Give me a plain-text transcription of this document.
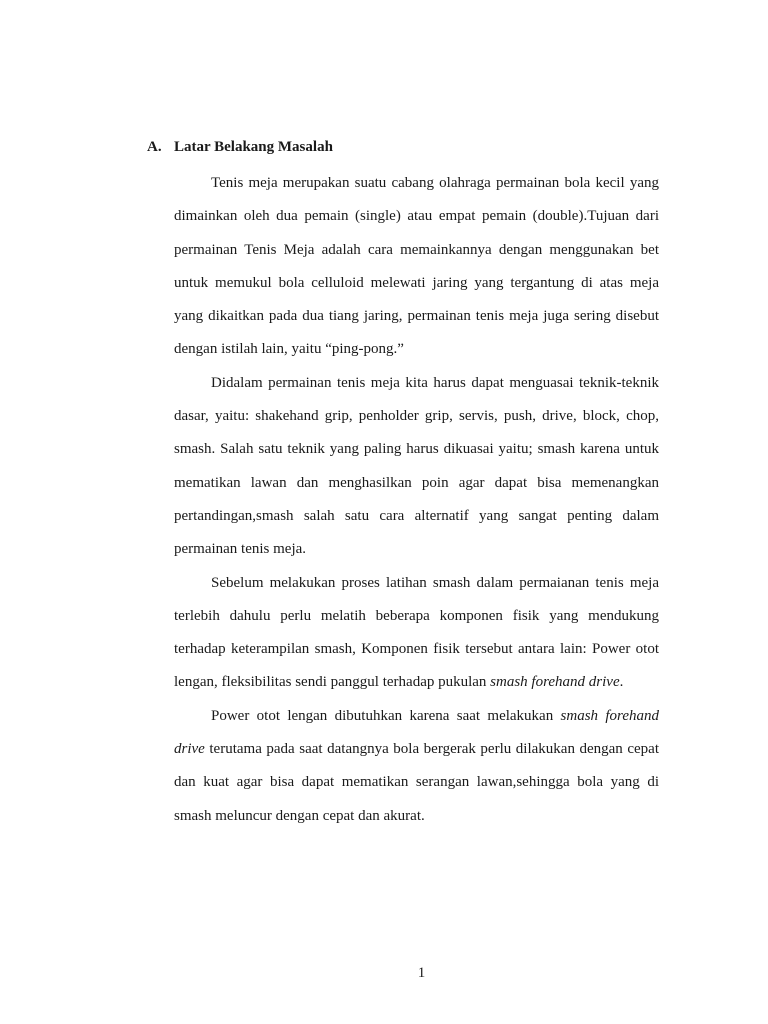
A. Latar Belakang Masalah

Tenis meja merupakan suatu cabang olahraga permainan bola kecil yang dimainkan oleh dua pemain (single) atau empat pemain (double).Tujuan dari permainan Tenis Meja adalah cara memainkannya dengan menggunakan bet untuk memukul bola celluloid melewati jaring yang tergantung di atas meja yang dikaitkan pada dua tiang jaring, permainan tenis meja juga sering disebut dengan istilah lain, yaitu “ping-pong.”

Didalam permainan tenis meja kita harus dapat menguasai teknik-teknik dasar, yaitu: shakehand grip, penholder grip, servis, push, drive, block, chop, smash. Salah satu teknik yang paling harus dikuasai yaitu; smash karena untuk mematikan lawan dan menghasilkan poin agar dapat bisa memenangkan pertandingan,smash salah satu cara alternatif yang sangat penting dalam permainan tenis meja.

Sebelum melakukan proses latihan smash dalam permaianan tenis meja terlebih dahulu perlu melatih beberapa komponen fisik yang mendukung terhadap keterampilan smash, Komponen fisik tersebut antara lain: Power otot lengan, fleksibilitas sendi panggul terhadap pukulan smash forehand drive.

Power otot lengan dibutuhkan karena saat melakukan smash forehand drive terutama pada saat datangnya bola bergerak perlu dilakukan dengan cepat dan kuat agar bisa dapat mematikan serangan lawan,sehingga bola yang di smash meluncur dengan cepat dan akurat.

1
